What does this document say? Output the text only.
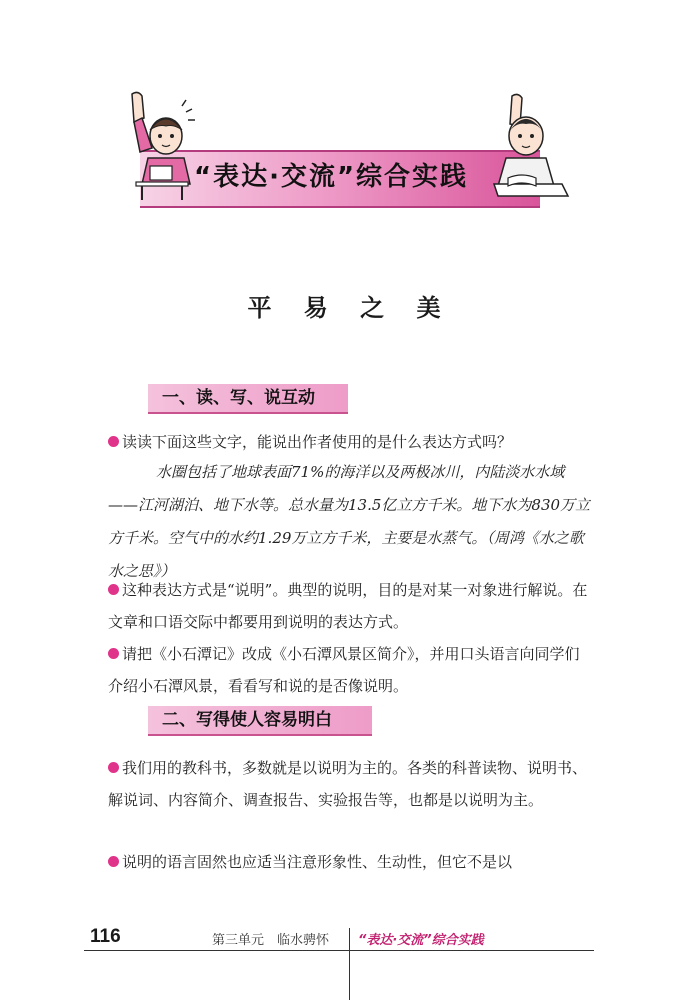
“表达·交流”综合实践
平 易 之 美
一、读、写、说互动
读读下面这些文字，能说出作者使用的是什么表达方式吗？
水圈包括了地球表面71%的海洋以及两极冰川，内陆淡水水域——江河湖泊、地下水等。总水量为13.5亿立方千米。地下水为830万立方千米。空气中的水约1.29万立方千米，主要是水蒸气。（周鸿《水之歌　水之思》）
这种表达方式是“说明”。典型的说明，目的是对某一对象进行解说。在文章和口语交际中都要用到说明的表达方式。
请把《小石潭记》改成《小石潭风景区简介》，并用口头语言向同学们介绍小石潭风景，看看写和说的是否像说明。
二、写得使人容易明白
我们用的教科书，多数就是以说明为主的。各类的科普读物、说明书、解说词、内容简介、调查报告、实验报告等，也都是以说明为主。
说明的语言固然也应适当注意形象性、生动性，但它不是以
116	第三单元　临水骋怀 “表达·交流”综合实践
